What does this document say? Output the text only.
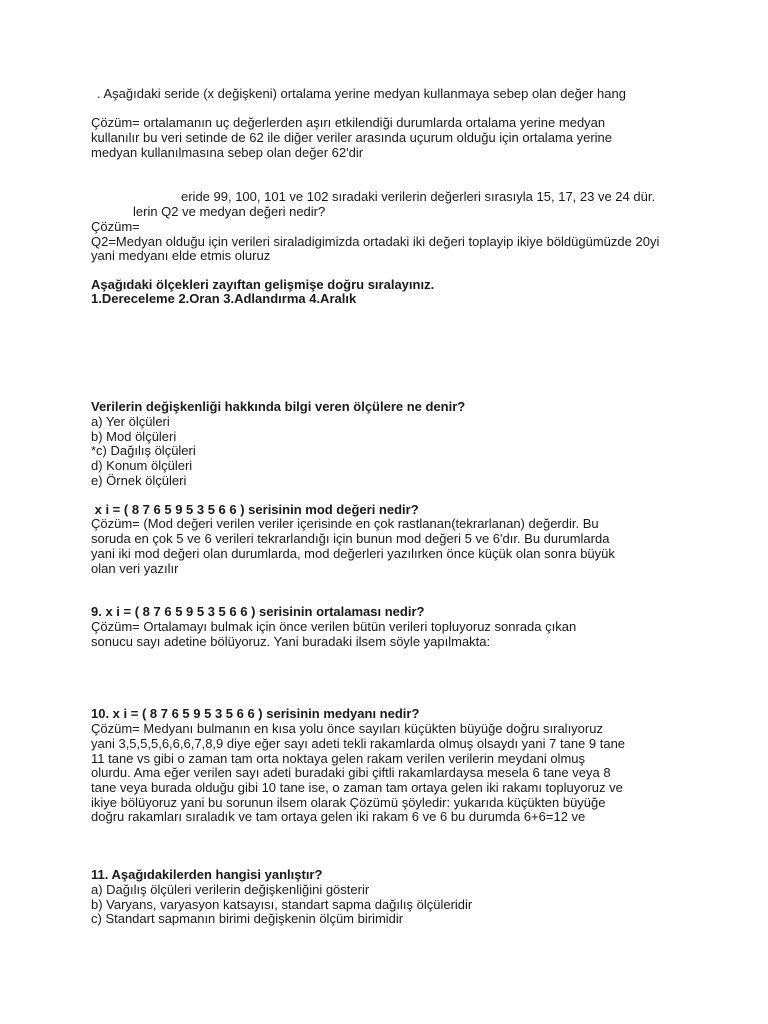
. Aşağıdaki seride (x değişkeni) ortalama yerine medyan kullanmaya sebep olan değer hang

Çözüm= ortalamanın uç değerlerden aşırı etkilendiği durumlarda ortalama yerine medyan

kullanılır bu veri setinde de 62 ile diğer veriler arasında uçurum olduğu için ortalama yerine

medyan kullanılmasına sebep olan değer 62'dir

eride 99, 100, 101 ve 102 sıradaki verilerin değerleri sırasıyla 15, 17, 23 ve 24 dür.

lerin Q2 ve medyan değeri nedir?

Çözüm=

Q2=Medyan olduğu için verileri siraladigimizda ortadaki iki değeri toplayip ikiye böldügümüzde 20yi

yani medyanı elde etmis oluruz

Aşağıdaki ölçekleri zayıftan gelişmişe doğru sıralayınız.

1.Dereceleme 2.Oran 3.Adlandırma 4.Aralık

Verilerin değişkenliği hakkında bilgi veren ölçülere ne denir?

a) Yer ölçüleri

b) Mod ölçüleri

*c) Dağılış ölçüleri

d) Konum ölçüleri

e) Örnek ölçüleri

x i = ( 8 7 6 5 9 5 3 5 6 6 ) serisinin mod değeri nedir?

Çözüm= (Mod değeri verilen veriler içerisinde en çok rastlanan(tekrarlanan) değerdir. Bu

soruda en çok 5 ve 6 verileri tekrarlandığı için bunun mod değeri 5 ve 6'dır. Bu durumlarda

yani iki mod değeri olan durumlarda, mod değerleri yazılırken önce küçük olan sonra büyük

olan veri yazılır

9. x i = ( 8 7 6 5 9 5 3 5 6 6 ) serisinin ortalaması nedir?

Çözüm= Ortalamayı bulmak için önce verilen bütün verileri topluyoruz sonrada çıkan

sonucu sayı adetine bölüyoruz. Yani buradaki ilsem söyle yapılmakta:

10. x i = ( 8 7 6 5 9 5 3 5 6 6 ) serisinin medyanı nedir?

Çözüm= Medyanı bulmanın en kısa yolu önce sayıları küçükten büyüğe doğru sıralıyoruz

yani 3,5,5,5,6,6,6,7,8,9 diye eğer sayı adeti tekli rakamlarda olmuş olsaydı yani 7 tane 9 tane

11 tane vs gibi o zaman tam orta noktaya gelen rakam verilen verilerin meydani olmuş

olurdu. Ama eğer verilen sayı adeti buradaki gibi çiftli rakamlardaysa mesela 6 tane veya 8

tane veya burada olduğu gibi 10 tane ise, o zaman tam ortaya gelen iki rakamı topluyoruz ve

ikiye bölüyoruz yani bu sorunun ilsem olarak Çözümü şöyledir: yukarıda küçükten büyüğe

doğru rakamları sıraladık ve tam ortaya gelen iki rakam 6 ve 6 bu durumda 6+6=12 ve

11. Aşağıdakilerden hangisi yanlıştır?

a) Dağılış ölçüleri verilerin değişkenliğini gösterir

b) Varyans, varyasyon katsayısı, standart sapma dağılış ölçüleridir

c) Standart sapmanın birimi değişkenin ölçüm birimidir
